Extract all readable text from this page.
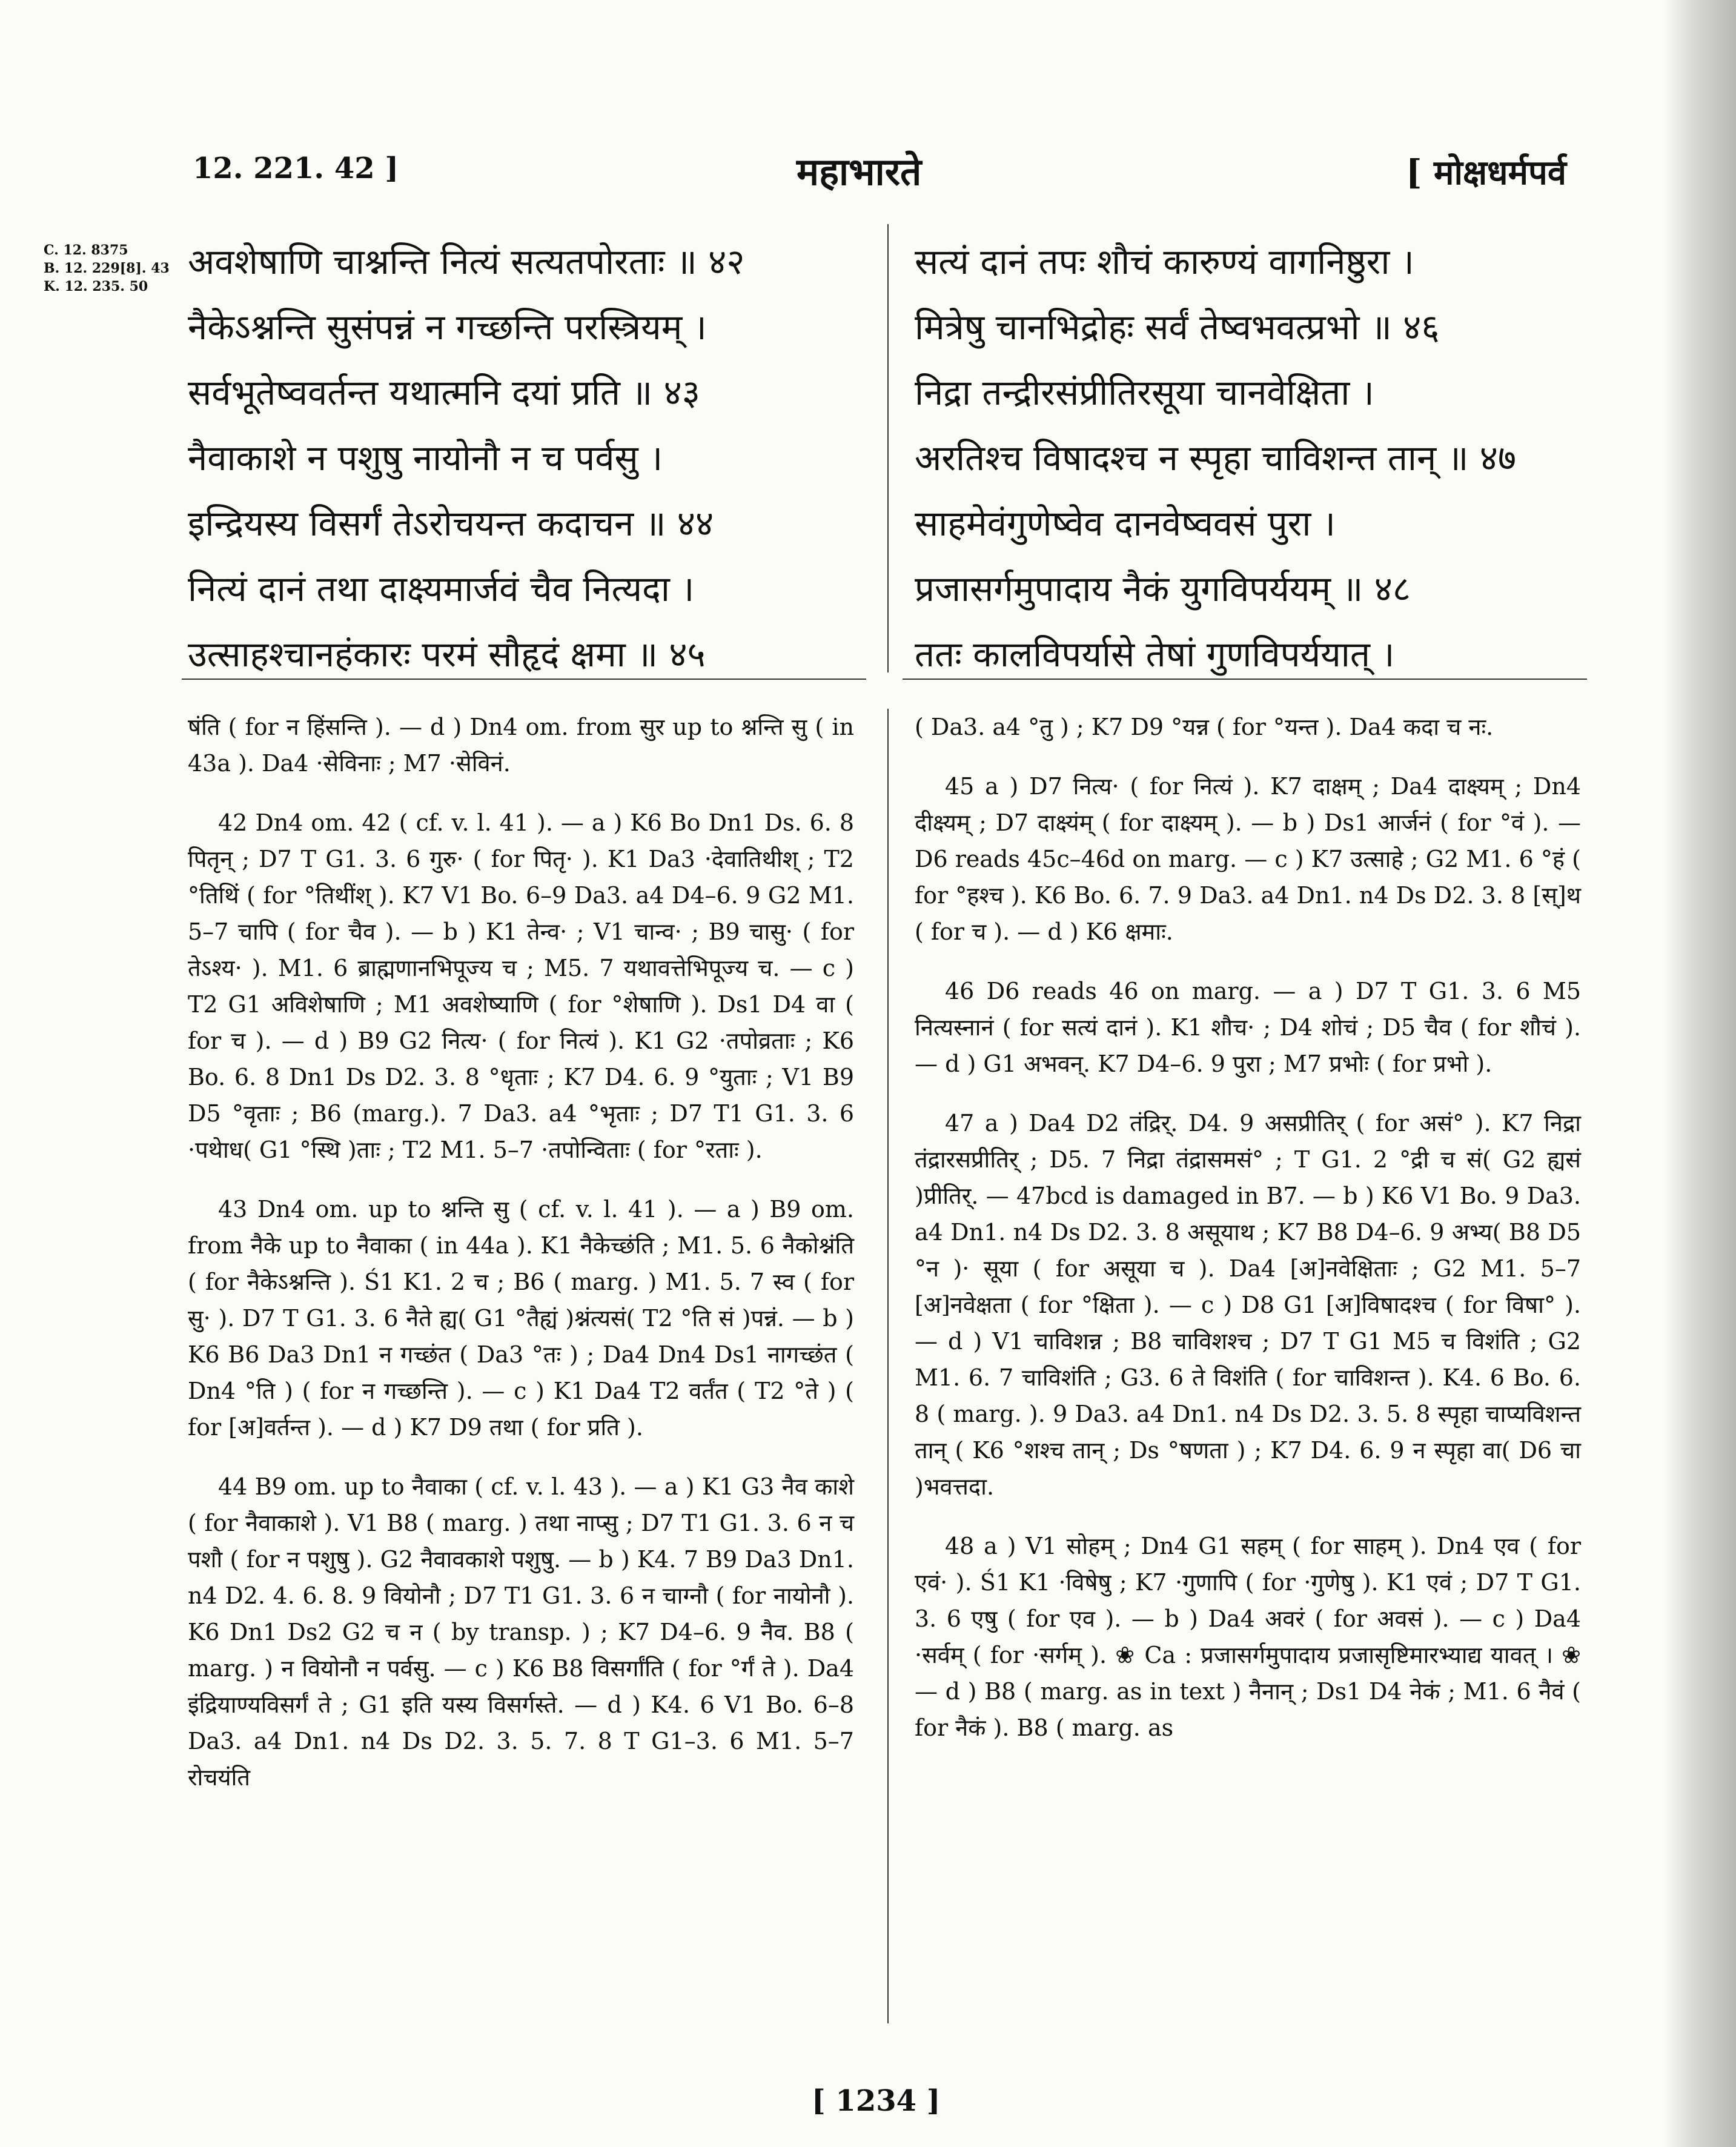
12. 221. 42 ]	महाभारते	[ मोक्षधर्मपर्व
C. 12. 8375
B. 12. 229[8]. 43
K. 12. 235. 50
अवशेषाणि चाश्नन्ति नित्यं सत्यतपोरताः ॥ ४२
नैकेऽश्नन्ति सुसंपन्नं न गच्छन्ति परस्त्रियम् ।
सर्वभूतेष्ववर्तन्त यथात्मनि दयां प्रति ॥ ४३
नैवाकाशे न पशुषु नायोनौ न च पर्वसु ।
इन्द्रियस्य विसर्गं तेऽरोचयन्त कदाचन ॥ ४४
नित्यं दानं तथा दाक्ष्यमार्जवं चैव नित्यदा ।
उत्साहश्चानहंकारः परमं सौहृदं क्षमा ॥ ४५
सत्यं दानं तपः शौचं कारुण्यं वागनिष्ठुरा ।
मित्रेषु चानभिद्रोहः सर्वं तेष्वभवत्प्रभो ॥ ४६
निद्रा तन्द्रीरसंप्रीतिरसूया चानवेक्षिता ।
अरतिश्च विषादश्च न स्पृहा चाविशन्त तान् ॥ ४७
साहमेवंगुणेष्वेव दानवेष्ववसं पुरा ।
प्रजासर्गमुपादाय नैकं युगविपर्ययम् ॥ ४८
ततः कालविपर्यासे तेषां गुणविपर्ययात् ।

षंति ( for न हिंसन्ति ). — d ) Dn4 om. from सुर up to श्नन्ति सु ( in 43a ). Da4 ·सेविनाः ; M7 ·सेविनं.

42 Dn4 om. 42 ( cf. v. l. 41 ). — a ) K6 Bo Dn1 Ds. 6. 8 पितृन् ; D7 T G1. 3. 6 गुरु· ( for पितृ· ). K1 Da3 ·देवातिथीश् ; T2 °तिथिं ( for °तिथींश् ). K7 V1 Bo. 6–9 Da3. a4 D4–6. 9 G2 M1. 5–7 चापि ( for चैव ). — b ) K1 तेन्व· ; V1 चान्व· ; B9 चासु· ( for तेऽश्य· ). M1. 6 ब्राह्मणानभिपूज्य च ; M5. 7 यथावत्तेभिपूज्य च. — c ) T2 G1 अविशेषाणि ; M1 अवशेष्याणि ( for °शेषाणि ). Ds1 D4 वा ( for च ). — d ) B9 G2 नित्य· ( for नित्यं ). K1 G2 ·तपोव्रताः ; K6 Bo. 6. 8 Dn1 Ds D2. 3. 8 °धृताः ; K7 D4. 6. 9 °युताः ; V1 B9 D5 °वृताः ; B6 (marg.). 7 Da3. a4 °भृताः ; D7 T1 G1. 3. 6 ·पथेाध( G1 °स्थि )ताः ; T2 M1. 5–7 ·तपोन्विताः ( for °रताः ).

43 Dn4 om. up to श्नन्ति सु ( cf. v. l. 41 ). — a ) B9 om. from नैके up to नैवाका ( in 44a ). K1 नैकेच्छंति ; M1. 5. 6 नैकोश्नंति ( for नैकेऽश्नन्ति ). Ś1 K1. 2 च ; B6 ( marg. ) M1. 5. 7 स्व ( for सु· ). D7 T G1. 3. 6 नैते ह्य( G1 °तैह्यं )श्नंत्यसं( T2 °ति सं )पन्नं. — b ) K6 B6 Da3 Dn1 न गच्छंत ( Da3 °तः ) ; Da4 Dn4 Ds1 नागच्छंत ( Dn4 °ति ) ( for न गच्छन्ति ). — c ) K1 Da4 T2 वर्तंत ( T2 °ते ) ( for [अ]वर्तन्त ). — d ) K7 D9 तथा ( for प्रति ).

44 B9 om. up to नैवाका ( cf. v. l. 43 ). — a ) K1 G3 नैव काशे ( for नैवाकाशे ). V1 B8 ( marg. ) तथा नाप्सु ; D7 T1 G1. 3. 6 न च पशौ ( for न पशुषु ). G2 नैवावकाशे पशुषु. — b ) K4. 7 B9 Da3 Dn1. n4 D2. 4. 6. 8. 9 वियोनौ ; D7 T1 G1. 3. 6 न चाग्नौ ( for नायोनौ ). K6 Dn1 Ds2 G2 च न ( by transp. ) ; K7 D4–6. 9 नैव. B8 ( marg. ) न वियोनौ न पर्वसु. — c ) K6 B8 विसर्गांति ( for °र्गं ते ). Da4 इंद्रियाण्यविसर्गं ते ; G1 इति यस्य विसर्गस्ते. — d ) K4. 6 V1 Bo. 6–8 Da3. a4 Dn1. n4 Ds D2. 3. 5. 7. 8 T G1–3. 6 M1. 5–7 रोचयंति

( Da3. a4 °तु ) ; K7 D9 °यन्न ( for °यन्त ). Da4 कदा च नः.

45 a ) D7 नित्य· ( for नित्यं ). K7 दाक्षम् ; Da4 दाक्ष्यम् ; Dn4 दीक्ष्यम् ; D7 दाक्ष्यंम् ( for दाक्ष्यम् ). — b ) Ds1 आर्जनं ( for °वं ). — D6 reads 45c–46d on marg. — c ) K7 उत्साहे ; G2 M1. 6 °हं ( for °हश्च ). K6 Bo. 6. 7. 9 Da3. a4 Dn1. n4 Ds D2. 3. 8 [स्]थ ( for च ). — d ) K6 क्षमाः.

46 D6 reads 46 on marg. — a ) D7 T G1. 3. 6 M5 नित्यस्नानं ( for सत्यं दानं ). K1 शौच· ; D4 शोचं ; D5 चैव ( for शौचं ). — d ) G1 अभवन्. K7 D4–6. 9 पुरा ; M7 प्रभोः ( for प्रभो ).

47 a ) Da4 D2 तंद्रिर्. D4. 9 असप्रीतिर् ( for असं° ). K7 निद्रा तंद्रारसप्रीतिर् ; D5. 7 निद्रा तंद्रासमसं° ; T G1. 2 °द्री च सं( G2 ह्यसं )प्रीतिर्. — 47bcd is damaged in B7. — b ) K6 V1 Bo. 9 Da3. a4 Dn1. n4 Ds D2. 3. 8 असूयाथ ; K7 B8 D4–6. 9 अभ्य( B8 D5 °न )· सूया ( for असूया च ). Da4 [अ]नवेक्षिताः ; G2 M1. 5–7 [अ]नवेक्षता ( for °क्षिता ). — c ) D8 G1 [अ]विषादश्च ( for विषा° ). — d ) V1 चाविशन्न ; B8 चाविशश्च ; D7 T G1 M5 च विशंति ; G2 M1. 6. 7 चाविशंति ; G3. 6 ते विशंति ( for चाविशन्त ). K4. 6 Bo. 6. 8 ( marg. ). 9 Da3. a4 Dn1. n4 Ds D2. 3. 5. 8 स्पृहा चाप्यविशन्त तान् ( K6 °शश्च तान् ; Ds °षणता ) ; K7 D4. 6. 9 न स्पृहा वा( D6 चा )भवत्तदा.

48 a ) V1 सोहम् ; Dn4 G1 सहम् ( for साहम् ). Dn4 एव ( for एवं· ). Ś1 K1 ·विषेषु ; K7 ·गुणापि ( for ·गुणेषु ). K1 एवं ; D7 T G1. 3. 6 एषु ( for एव ). — b ) Da4 अवरं ( for अवसं ). — c ) Da4 ·सर्वम् ( for ·सर्गम् ). ❀ Ca : प्रजासर्गमुपादाय प्रजासृष्टिमारभ्याद्य यावत् । ❀ — d ) B8 ( marg. as in text ) नैनान् ; Ds1 D4 नेकं ; M1. 6 नैवं ( for नैकं ). B8 ( marg. as

[ 1234 ]
